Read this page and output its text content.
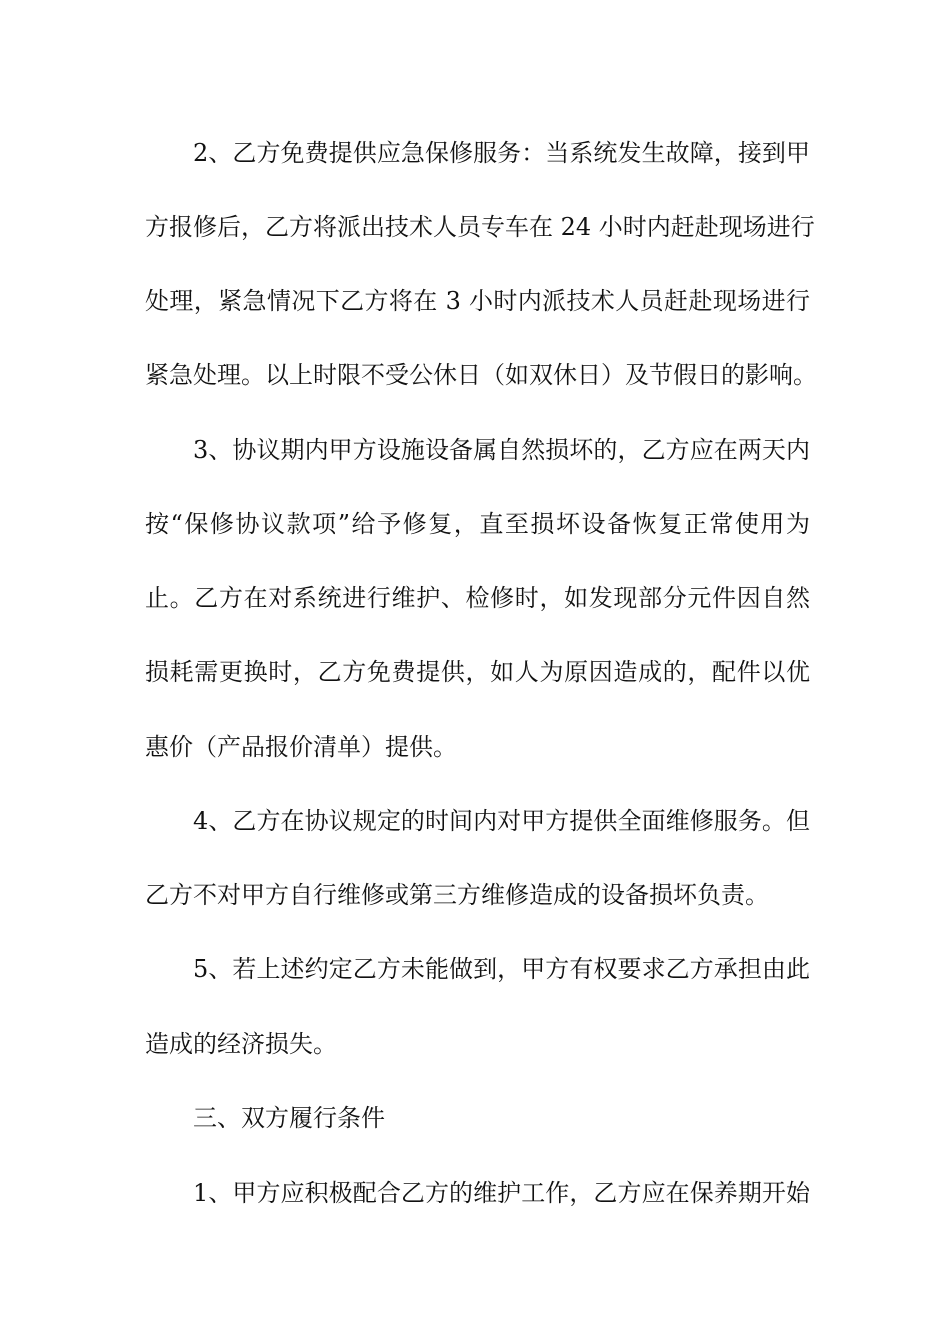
2、乙方免费提供应急保修服务：当系统发生故障，接到甲
方报修后，乙方将派出技术人员专车在 24 小时内赶赴现场进行
处理，紧急情况下乙方将在 3 小时内派技术人员赶赴现场进行
紧急处理。以上时限不受公休日（如双休日）及节假日的影响。
3、协议期内甲方设施设备属自然损坏的，乙方应在两天内
按“保修协议款项”给予修复，直至损坏设备恢复正常使用为
止。乙方在对系统进行维护、检修时，如发现部分元件因自然
损耗需更换时，乙方免费提供，如人为原因造成的，配件以优
惠价（产品报价清单）提供。
4、乙方在协议规定的时间内对甲方提供全面维修服务。但
乙方不对甲方自行维修或第三方维修造成的设备损坏负责。
5、若上述约定乙方未能做到，甲方有权要求乙方承担由此
造成的经济损失。
三、双方履行条件
1、甲方应积极配合乙方的维护工作，乙方应在保养期开始
